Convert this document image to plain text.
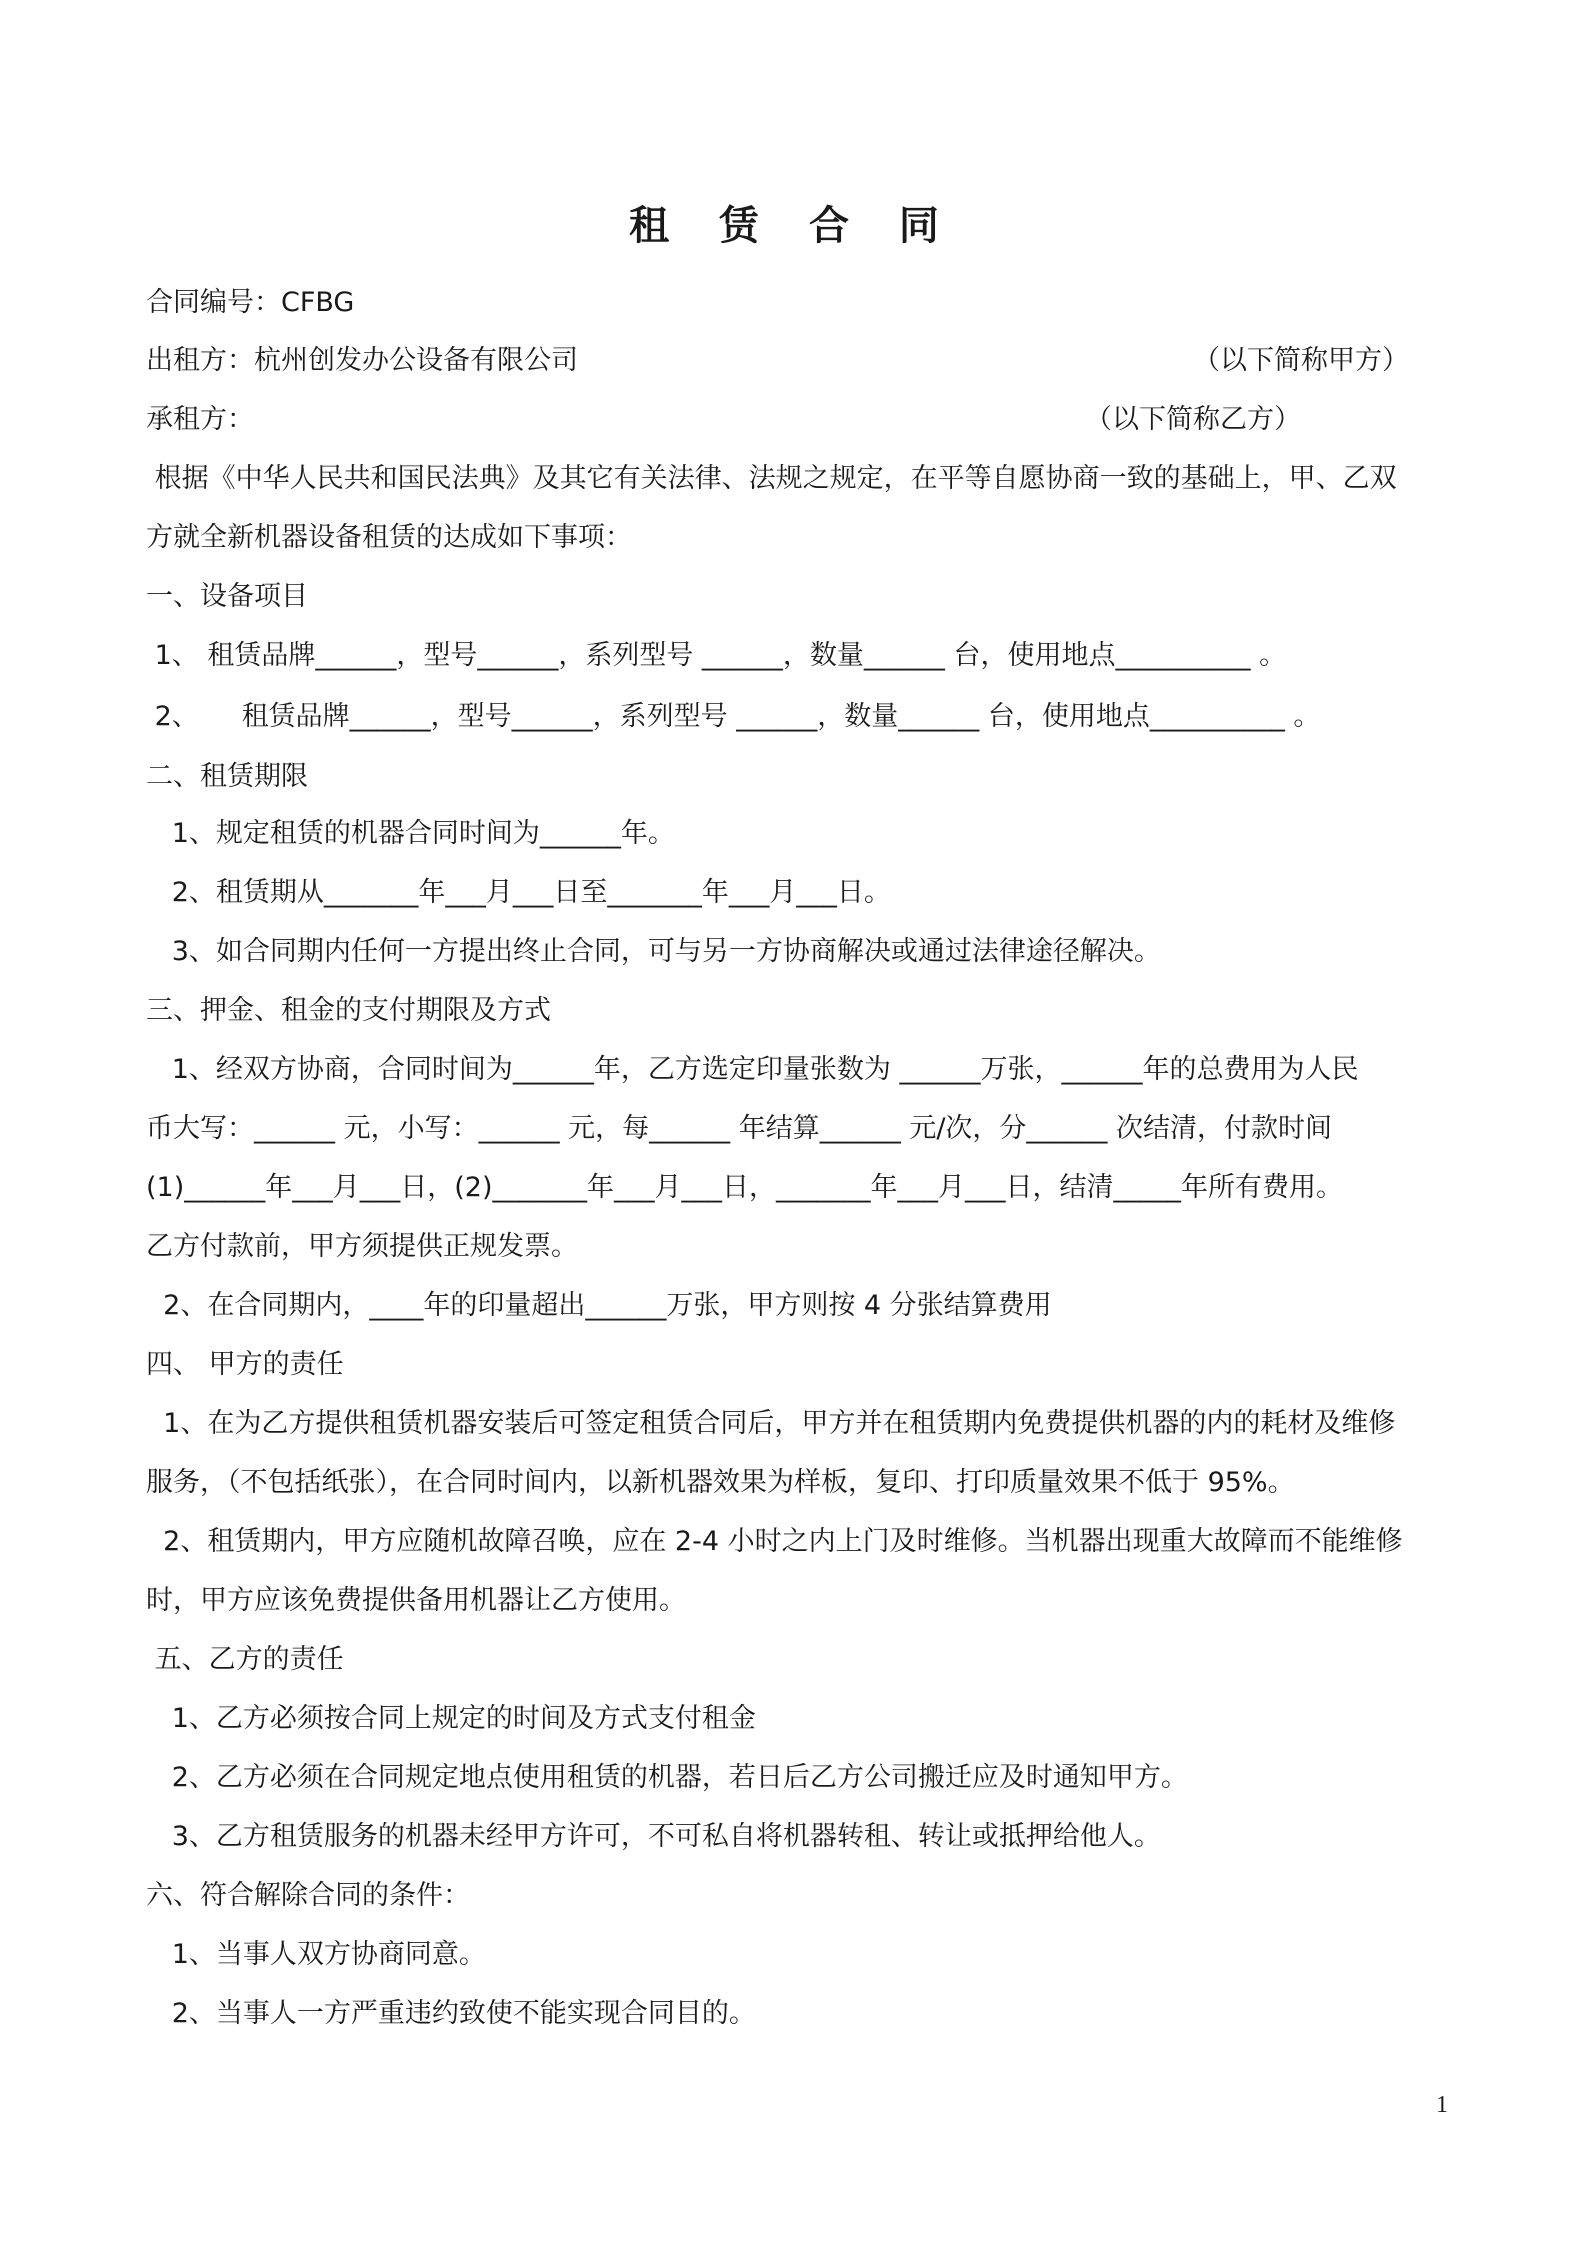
租 赁 合 同
合同编号：CFBG
出租方：杭州创发办公设备有限公司	（以下简称甲方）
承租方：	（以下简称乙方）
根据《中华人民共和国民法典》及其它有关法律、法规之规定，在平等自愿协商一致的基础上，甲、乙双
方就全新机器设备租赁的达成如下事项：
一、设备项目
1、 租赁品牌______，型号______，系列型号 ______，数量______ 台，使用地点__________ 。
2、     租赁品牌______，型号______，系列型号 ______，数量______ 台，使用地点__________ 。
二、租赁期限
1、规定租赁的机器合同时间为______年。
2、租赁期从_______年___月___日至_______年___月___日。
3、如合同期内任何一方提出终止合同，可与另一方协商解决或通过法律途径解决。
三、押金、租金的支付期限及方式
1、经双方协商，合同时间为______年，乙方选定印量张数为 ______万张，______年的总费用为人民
币大写：______ 元，小写：______ 元，每______ 年结算______ 元/次，分______ 次结清，付款时间
(1)______年___月___日，(2)_______年___月___日，_______年___月___日，结清_____年所有费用。
乙方付款前，甲方须提供正规发票。
2、在合同期内，____年的印量超出______万张，甲方则按 4 分张结算费用
四、 甲方的责任
1、在为乙方提供租赁机器安装后可签定租赁合同后，甲方并在租赁期内免费提供机器的内的耗材及维修
服务，（不包括纸张），在合同时间内，以新机器效果为样板，复印、打印质量效果不低于 95%。
2、租赁期内，甲方应随机故障召唤，应在 2-4 小时之内上门及时维修。当机器出现重大故障而不能维修
时，甲方应该免费提供备用机器让乙方使用。
五、乙方的责任
1、乙方必须按合同上规定的时间及方式支付租金
2、乙方必须在合同规定地点使用租赁的机器，若日后乙方公司搬迁应及时通知甲方。
3、乙方租赁服务的机器未经甲方许可，不可私自将机器转租、转让或抵押给他人。
六、符合解除合同的条件：
1、当事人双方协商同意。
2、当事人一方严重违约致使不能实现合同目的。
1
